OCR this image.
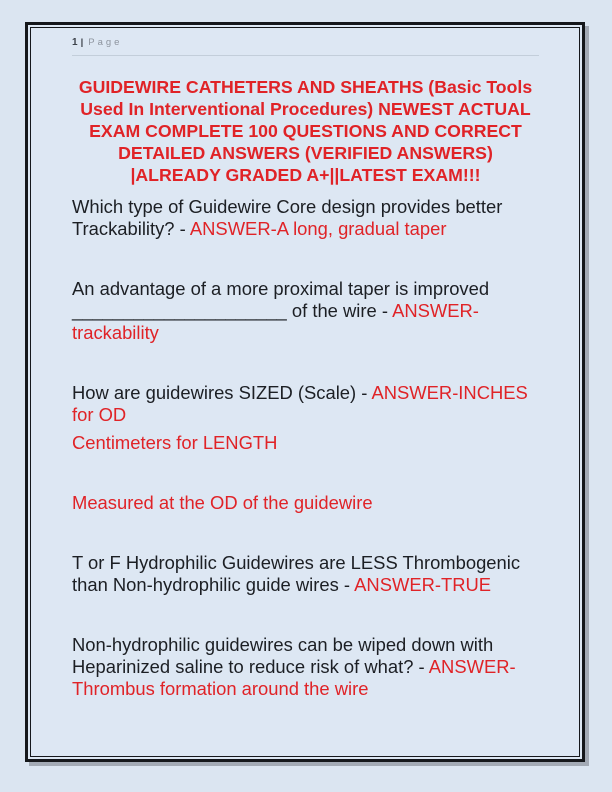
1 | Page
GUIDEWIRE CATHETERS AND SHEATHS (Basic Tools
Used In Interventional Procedures) NEWEST ACTUAL
EXAM COMPLETE 100 QUESTIONS AND CORRECT
DETAILED ANSWERS (VERIFIED ANSWERS)
|ALREADY GRADED A+||LATEST EXAM!!!

Which type of Guidewire Core design provides better Trackability? - ANSWER-A long, gradual taper

An advantage of a more proximal taper is improved _____________________ of the wire - ANSWER-trackability

How are guidewires SIZED (Scale) - ANSWER-INCHES for OD

Centimeters for LENGTH

Measured at the OD of the guidewire

T or F Hydrophilic Guidewires are LESS Thrombogenic than Non-hydrophilic guide wires - ANSWER-TRUE

Non-hydrophilic guidewires can be wiped down with Heparinized saline to reduce risk of what? - ANSWER-Thrombus formation around the wire
